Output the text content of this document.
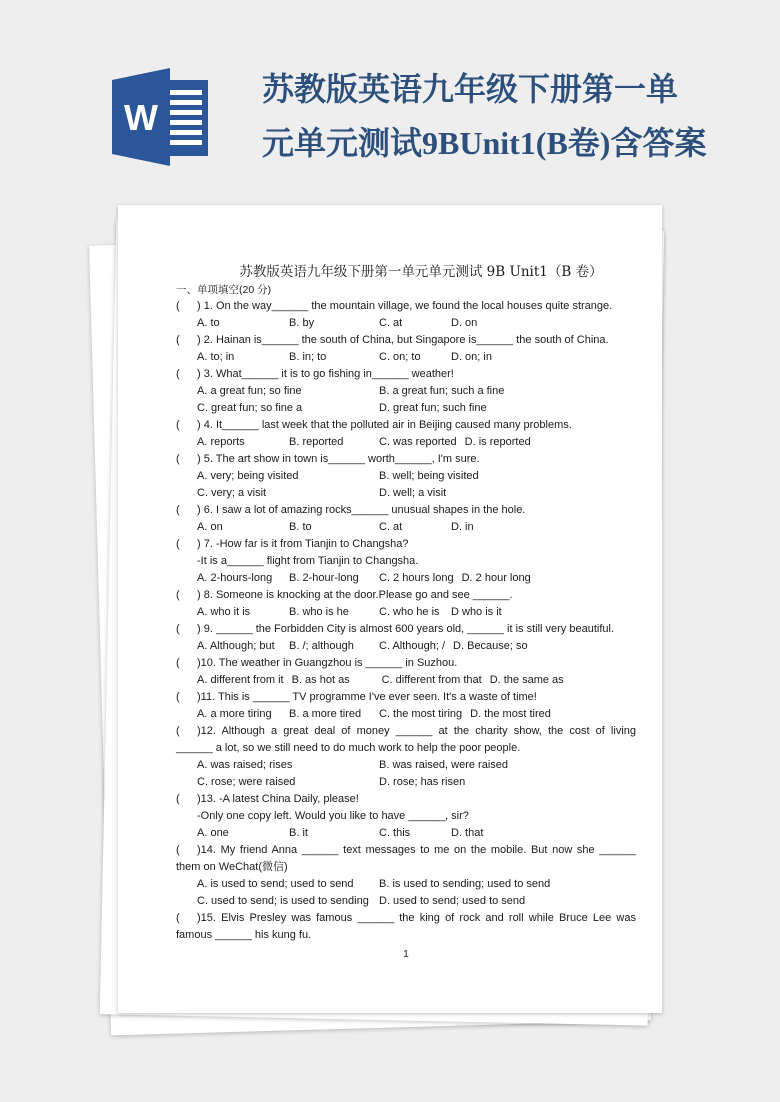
W
苏教版英语九年级下册第一单
元单元测试9BUnit1(B卷)含答案
苏教版英语九年级下册第一单元单元测试 9B Unit1（B 卷）
一、单项填空(20 分)
(	) 1. On the way______ the mountain village, we found the local houses quite strange.
A. to	B. by	C. at	D. on
(	) 2. Hainan is______ the south of China, but Singapore is______ the south of China.
A. to; in	B. in; to	C. on; to	D. on; in
(	) 3. What______ it is to go fishing in______ weather!
A. a great fun; so fine	B. a great fun; such a fine
C. great fun; so fine a	D. great fun; such fine
(	) 4. It______ last week that the polluted air in Beijing caused many problems.
A. reports	B. reported	C. was reported D. is reported
(	) 5. The art show in town is______ worth______, I'm sure.
A. very; being visited	B. well; being visited
C. very; a visit	D. well; a visit
(	) 6. I saw a lot of amazing rocks______ unusual shapes in the hole.
A. on	B. to	C. at	D. in
(	) 7. -How far is it from Tianjin to Changsha?
-It is a______ flight from Tianjin to Changsha.
A. 2-hours-long	B. 2-hour-long	C. 2 hours long D. 2 hour long
(	) 8. Someone is knocking at the door.Please go and see ______.
A. who it is	B. who is he	C. who he is	D who is it
(	) 9. ______ the Forbidden City is almost 600 years old, ______ it is still very beautiful.
A. Although; but	B. /; although	C. Although; / D. Because; so
(	)10. The weather in Guangzhou is ______ in Suzhou.
A. different from it B. as hot as	C. different from that D. the same as
(	)11. This is ______ TV programme I've ever seen. It's a waste of time!
A. a more tiring	B. a more tired	C. the most tiring D. the most tired
(	)12. Although a great deal of money ______ at the charity show, the cost of living
______ a lot, so we still need to do much work to help the poor people.
A. was raised; rises	B. was raised, were raised
C. rose; were raised	D. rose; has risen
(	)13. -A latest China Daily, please!
-Only one copy left. Would you like to have ______, sir?
A. one	B. it	C. this	D. that
(	)14. My friend Anna ______ text messages to me on the mobile. But now she ______
them on WeChat(微信)
A. is used to send; used to send	B. is used to sending; used to send
C. used to send; is used to sending D. used to send; used to send
(	)15. Elvis Presley was famous ______ the king of rock and roll while Bruce Lee was
famous ______ his kung fu.
1
